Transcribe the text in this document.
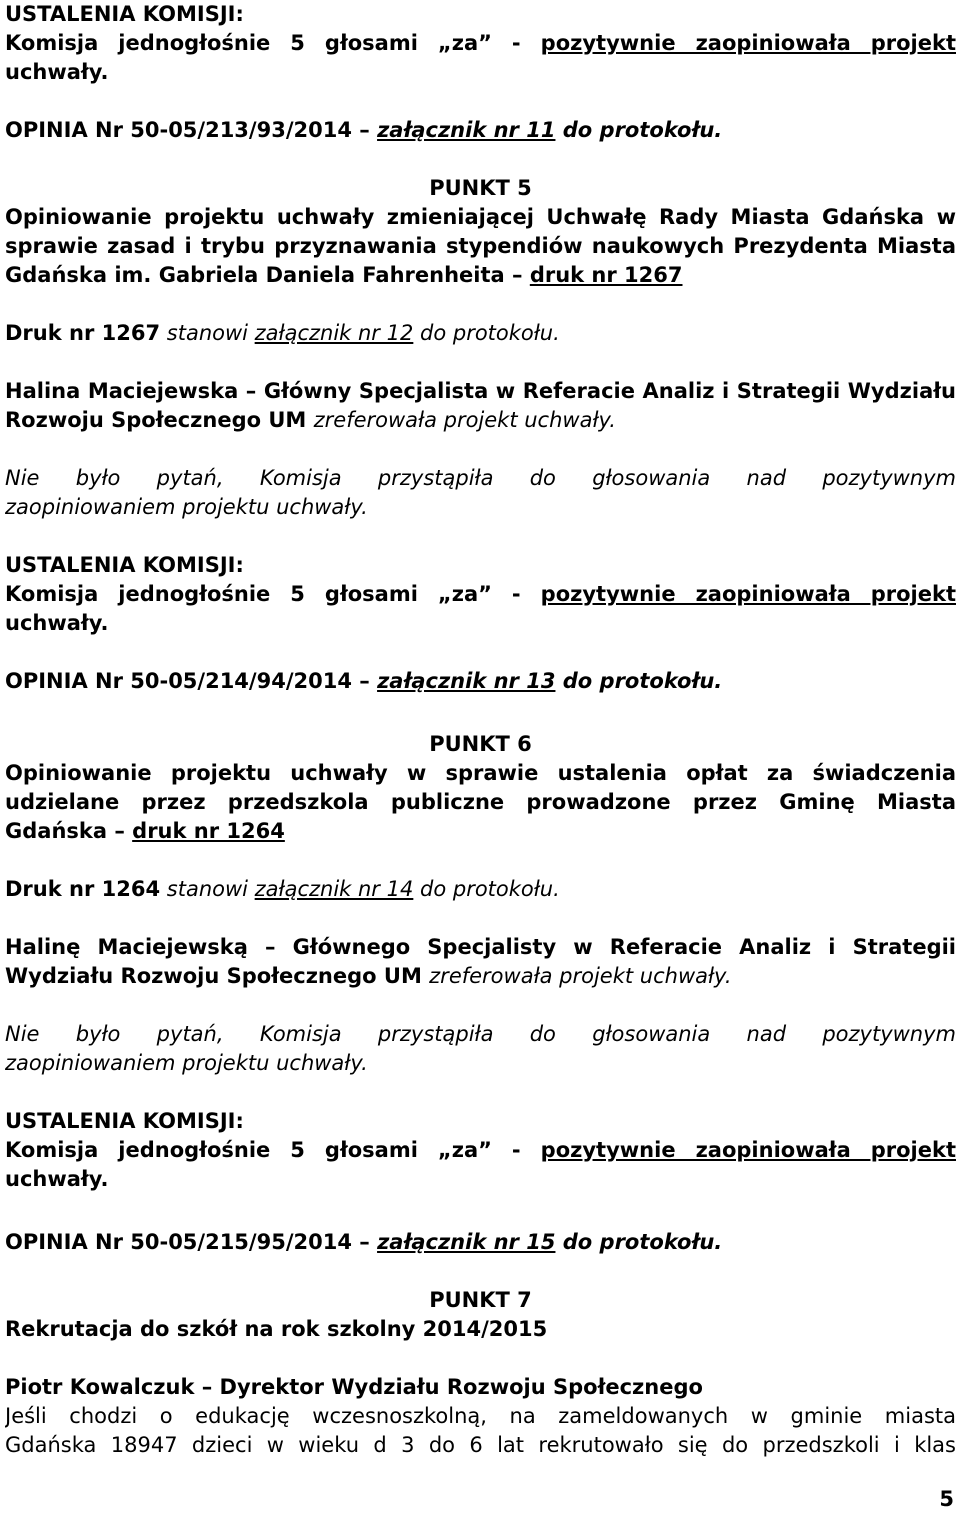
USTALENIA KOMISJI:
Komisja jednogłośnie 5 głosami „za” - pozytywnie zaopiniowała projekt
uchwały.
OPINIA Nr 50-05/213/93/2014 – załącznik nr 11 do protokołu.
PUNKT 5
Opiniowanie projektu uchwały zmieniającej Uchwałę Rady Miasta Gdańska w
sprawie zasad i trybu przyznawania stypendiów naukowych Prezydenta Miasta
Gdańska im. Gabriela Daniela Fahrenheita – druk nr 1267
Druk nr 1267 stanowi załącznik nr 12 do protokołu.
Halina Maciejewska – Główny Specjalista w Referacie Analiz i Strategii Wydziału
Rozwoju Społecznego UM zreferowała projekt uchwały.
Nie było pytań, Komisja przystąpiła do głosowania nad pozytywnym
zaopiniowaniem projektu uchwały.
USTALENIA KOMISJI:
Komisja jednogłośnie 5 głosami „za” - pozytywnie zaopiniowała projekt
uchwały.
OPINIA Nr 50-05/214/94/2014 – załącznik nr 13 do protokołu.
PUNKT 6
Opiniowanie projektu uchwały w sprawie ustalenia opłat za świadczenia
udzielane przez przedszkola publiczne prowadzone przez Gminę Miasta
Gdańska – druk nr 1264
Druk nr 1264 stanowi załącznik nr 14 do protokołu.
Halinę Maciejewską – Głównego Specjalisty w Referacie Analiz i Strategii
Wydziału Rozwoju Społecznego UM zreferowała projekt uchwały.
Nie było pytań, Komisja przystąpiła do głosowania nad pozytywnym
zaopiniowaniem projektu uchwały.
USTALENIA KOMISJI:
Komisja jednogłośnie 5 głosami „za” - pozytywnie zaopiniowała projekt
uchwały.
OPINIA Nr 50-05/215/95/2014 – załącznik nr 15 do protokołu.
PUNKT 7
Rekrutacja do szkół na rok szkolny 2014/2015
Piotr Kowalczuk – Dyrektor Wydziału Rozwoju Społecznego
Jeśli chodzi o edukację wczesnoszkolną, na zameldowanych w gminie miasta
Gdańska 18947 dzieci w wieku d 3 do 6 lat rekrutowało się do przedszkoli i klas
5
